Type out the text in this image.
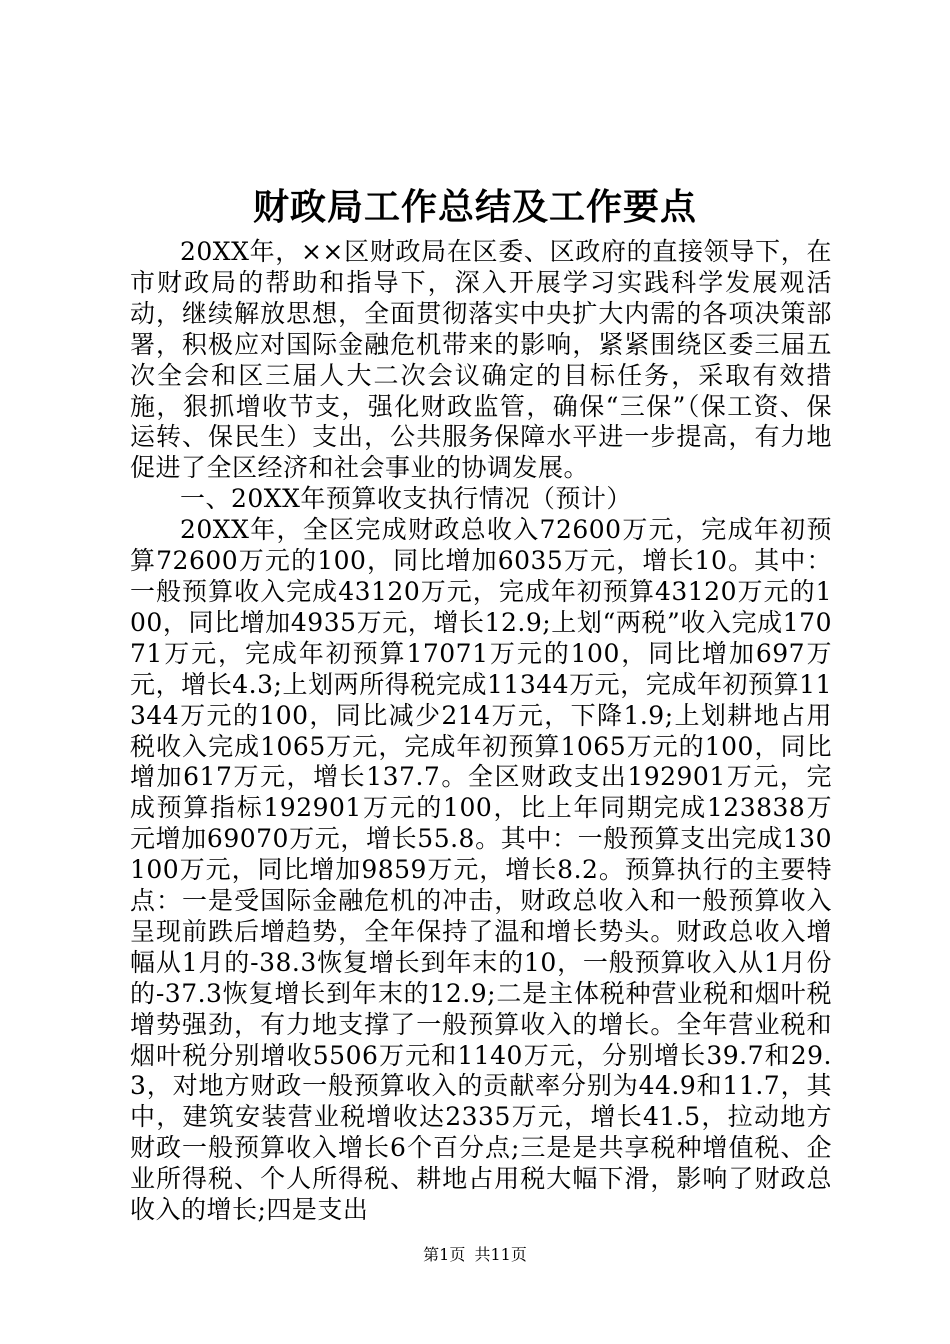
财政局工作总结及工作要点

20XX年，××区财政局在区委、区政府的直接领导下，在市财政局的帮助和指导下，深入开展学习实践科学发展观活动，继续解放思想，全面贯彻落实中央扩大内需的各项决策部署，积极应对国际金融危机带来的影响，紧紧围绕区委三届五次全会和区三届人大二次会议确定的目标任务，采取有效措施，狠抓增收节支，强化财政监管，确保“三保”（保工资、保运转、保民生）支出，公共服务保障水平进一步提高，有力地促进了全区经济和社会事业的协调发展。

一、20XX年预算收支执行情况（预计）

20XX年，全区完成财政总收入72600万元，完成年初预算72600万元的100，同比增加6035万元，增长10。其中：一般预算收入完成43120万元，完成年初预算43120万元的100，同比增加4935万元，增长12.9;上划“两税”收入完成17071万元，完成年初预算17071万元的100，同比增加697万元，增长4.3;上划两所得税完成11344万元，完成年初预算11344万元的100，同比减少214万元，下降1.9;上划耕地占用税收入完成1065万元，完成年初预算1065万元的100，同比增加617万元，增长137.7。全区财政支出192901万元，完成预算指标192901万元的100，比上年同期完成123838万元增加69070万元，增长55.8。其中：一般预算支出完成130100万元，同比增加9859万元，增长8.2。预算执行的主要特点：一是受国际金融危机的冲击，财政总收入和一般预算收入呈现前跌后增趋势，全年保持了温和增长势头。财政总收入增幅从1月的-38.3恢复增长到年末的10，一般预算收入从1月份的-37.3恢复增长到年末的12.9;二是主体税种营业税和烟叶税增势强劲，有力地支撑了一般预算收入的增长。全年营业税和烟叶税分别增收5506万元和1140万元，分别增长39.7和29.3，对地方财政一般预算收入的贡献率分别为44.9和11.7，其中，建筑安装营业税增收达2335万元，增长41.5，拉动地方财政一般预算收入增长6个百分点;三是是共享税种增值税、企业所得税、个人所得税、耕地占用税大幅下滑，影响了财政总收入的增长;四是支出

第1页 共11页
